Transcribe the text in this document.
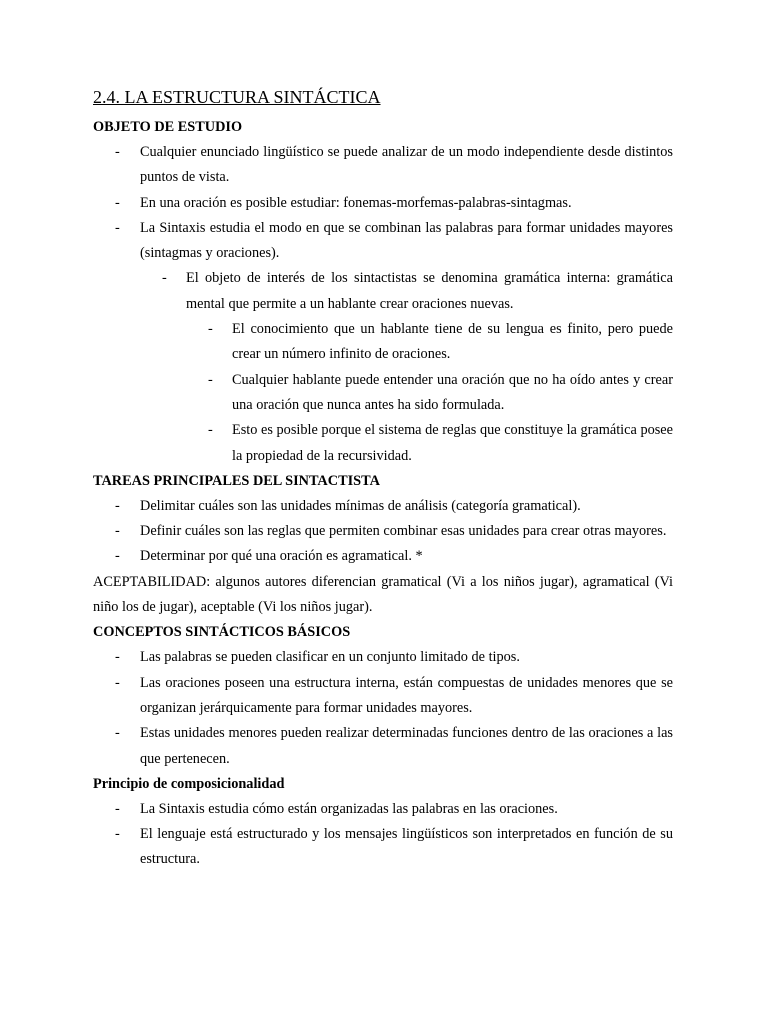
2.4. LA ESTRUCTURA SINTÁCTICA
OBJETO DE ESTUDIO
- Cualquier enunciado lingüístico se puede analizar de un modo independiente desde distintos puntos de vista.
- En una oración es posible estudiar: fonemas-morfemas-palabras-sintagmas.
- La Sintaxis estudia el modo en que se combinan las palabras para formar unidades mayores (sintagmas y oraciones).
- El objeto de interés de los sintactistas se denomina gramática interna: gramática mental que permite a un hablante crear oraciones nuevas.
- El conocimiento que un hablante tiene de su lengua es finito, pero puede crear un número infinito de oraciones.
- Cualquier hablante puede entender una oración que no ha oído antes y crear una oración que nunca antes ha sido formulada.
- Esto es posible porque el sistema de reglas que constituye la gramática posee la propiedad de la recursividad.
TAREAS PRINCIPALES DEL SINTACTISTA
- Delimitar cuáles son las unidades mínimas de análisis (categoría gramatical).
- Definir cuáles son las reglas que permiten combinar esas unidades para crear otras mayores.
- Determinar por qué una oración es agramatical. *
ACEPTABILIDAD: algunos autores diferencian gramatical (Vi a los niños jugar), agramatical (Vi niño los de jugar), aceptable (Vi los niños jugar).
CONCEPTOS SINTÁCTICOS BÁSICOS
- Las palabras se pueden clasificar en un conjunto limitado de tipos.
- Las oraciones poseen una estructura interna, están compuestas de unidades menores que se organizan jerárquicamente para formar unidades mayores.
- Estas unidades menores pueden realizar determinadas funciones dentro de las oraciones a las que pertenecen.
Principio de composicionalidad
- La Sintaxis estudia cómo están organizadas las palabras en las oraciones.
- El lenguaje está estructurado y los mensajes lingüísticos son interpretados en función de su estructura.
